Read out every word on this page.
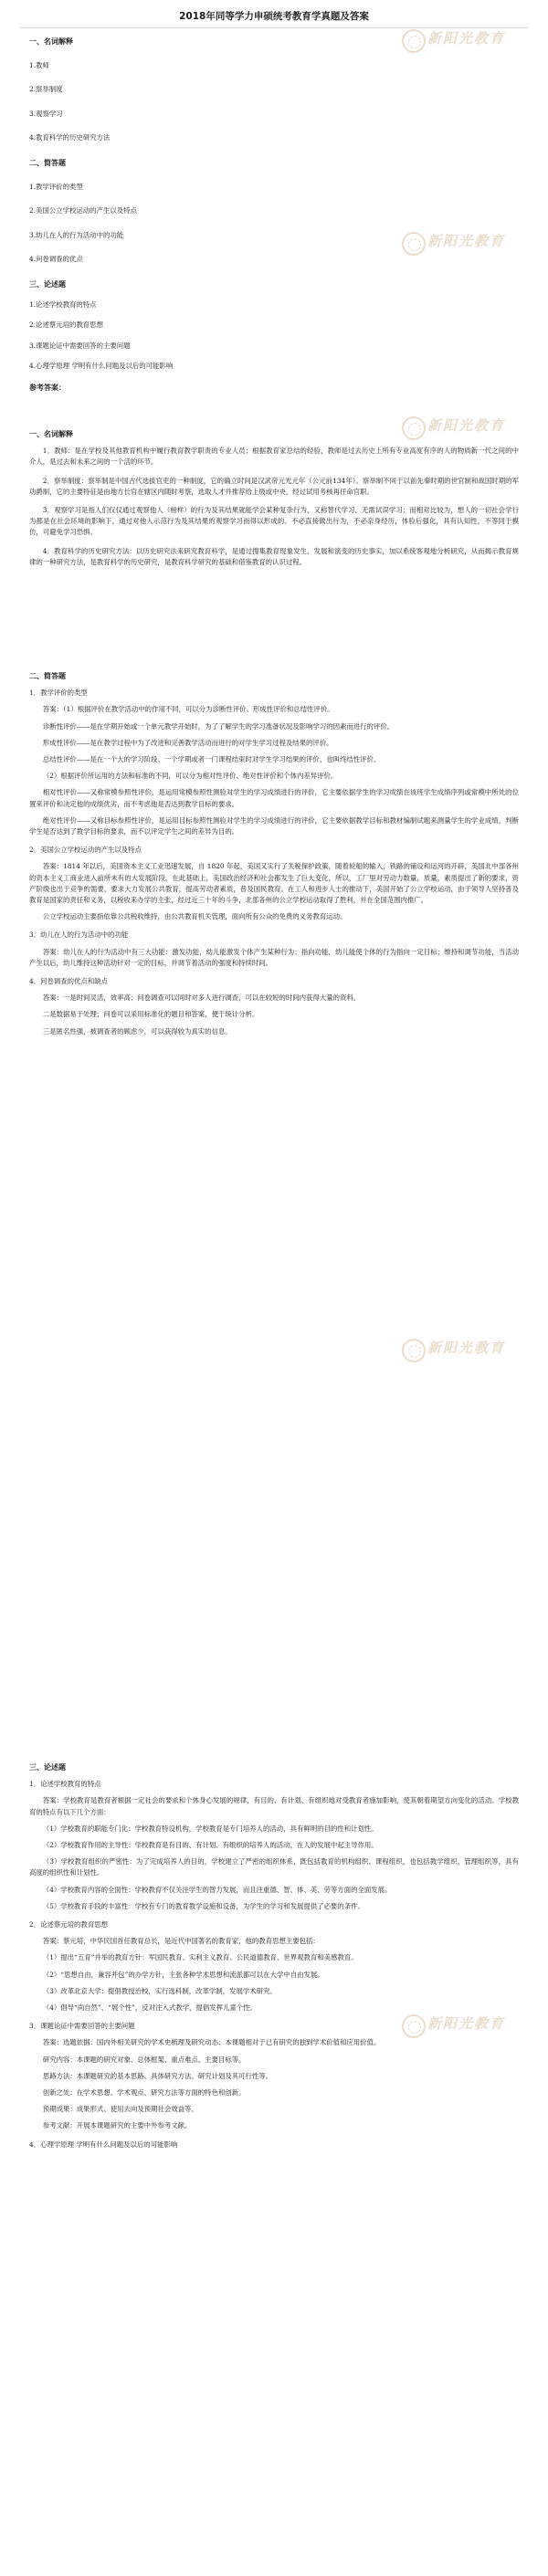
2018年同等学力申硕统考教育学真题及答案
新阳光教育
新阳光教育
新阳光教育
新阳光教育
新阳光教育
一、名词解释
1.教师
2.察举制度
3.观察学习
4.教育科学的历史研究方法
二、简答题
1.教学评价的类型
2.美国公立学校运动的产生以及特点
3.幼儿在人的行为活动中的功能
4.问卷调查的优点
三、论述题
1.论述学校教育的特点
2.论述蔡元培的教育思想
3.课题论证中需要回答的主要问题
4.心理学原理 学明有什么问题及以后的可能影响
参考答案：
一、名词解释
1．教师：是在学校及其他教育机构中履行教育教学职责的专业人员；根据教育家总结的经验，教师是过去历史上所有专业高度有序的人的物质新一代之间的中介人，是过去和未来之间的一个活的环节。
2．察举制度：察举制是中国古代选拔官吏的一种制度，它的确立时间是汉武帝元光元年（公元前134年）。察举制不同于以前先秦时期的世官制和战国时期的军功爵制，它的主要特征是由地方长官在辖区内随时考察，选取人才并推荐给上级或中央，经过试用考核再任命官职。
3．观察学习是指人们仅仅通过观察他人（榜样）的行为及其结果就能学会某种复杂行为，又称替代学习、无需试误学习；而相对比较为，想人的一切社会学行为都是在社会环境的影响下，通过对他人示范行为及其结果的观察学习而得以形成的。不必直接做出行为，不必亲身经历，体验后强化，具有认知性，不等同于模仿，可避免学习恐惧。
4．教育科学的历史研究方法：以历史研究法来研究教育科学，是通过搜集教育现象发生、发展和演变的历史事实，加以系统客观地分析研究，从而揭示教育规律的一种研究方法，是教育科学的历史研究，是教育科学研究的基础和借鉴教育的认识过程。
二、简答题
1．教学评价的类型
答案：（1）根据评价在教学活动中的作用不同，可以分为诊断性评价、形成性评价和总结性评价。
诊断性评价——是在学期开始或一个单元教学开始时，为了了解学生的学习准备状况及影响学习的因素而进行的评价。
形成性评价——是在教学过程中为了改进和完善教学活动而进行的对学生学习过程及结果的评价。
总结性评价——是在一个大的学习阶段、一个学期或者一门课程结束时对学生学习结果的评价，也叫终结性评价。
（2）根据评价所运用的方法和标准的不同，可以分为相对性评价、绝对性评价和个体内差异评价。
相对性评价——又称常模参照性评价，是运用常模参照性测验对学生的学习成绩进行的评价，它主要依据学生的学习成绩在该班学生成绩序列或常模中所处的位置来评价和决定他的成绩优劣，而不考虑他是否达到教学目标的要求。
绝对性评价——又称目标参照性评价，是运用目标参照性测验对学生的学习成绩进行的评价，它主要依据教学目标和教材编制试题来测量学生的学业成绩，判断学生是否达到了教学目标的要求，而不以评定学生之间的差异为目的。
2．美国公立学校运动的产生以及特点
答案：1814 年以后，美国资本主义工业迅速发展，自 1820 年起，美国又实行了关税保护政策，随着轮船的输入，铁路的铺设和运河的开辟，美国北中部各州的资本主义工商业进入前所未有的大发展阶段，在此基础上，美国政治经济和社会都发生了巨大变化，所以，工厂里对劳动力数量，质量，素质提出了新的要求，资产阶级也出于竞争的需要，要求大力发展公共教育，提高劳动者素质，普及国民教育。在工人和进步人士的推动下，美国开始了公立学校运动，由于领导人坚持普及教育是国家的责任和义务，以税收来办学的主张，经过近三十年的斗争，北部各州的公立学校运动取得了胜利，并在全国范围内推广。
公立学校运动主要指依靠公共税收维持，由公共教育机关管理，面向所有公众的免费的义务教育运动。
3．幼儿在人的行为活动中的功能
答案：幼儿在人的行为活动中有三大功能：激发功能，幼儿能激发个体产生某种行为；指向功能，幼儿能使个体的行为指向一定目标；维持和调节功能，当活动产生以后，幼儿维持这种活动针对一定的目标，并调节着活动的强度和持续时间。
4．问卷调查的优点和缺点
答案：一是时间灵活，效率高；问卷调查可以同时对多人进行调查，可以在较短的时间内获得大量的资料。
二是数据易于处理；问卷可以采用标准化的题目和答案，便于统计分析。
三是匿名性强，被调查者的顾虑少，可以获得较为真实的信息。
三、论述题
1．论述学校教育的特点
答案：学校教育是教育者根据一定社会的要求和个体身心发展的规律，有目的、有计划、有组织地对受教育者施加影响，使其朝着期望方向变化的活动。学校教育的特点有以下几个方面：
（1）学校教育的职能专门化：学校教育特设机构，学校教育是专门培养人的活动，具有鲜明的目的性和计划性。
（2）学校教育作用的主导性：学校教育是有目的、有计划、有组织的培养人的活动，在人的发展中起主导作用。
（3）学校教育组织的严密性：为了完成培养人的目的，学校建立了严密的组织体系，既包括教育的机构组织、课程组织，也包括教学组织、管理组织等，具有高度的组织性和计划性。
（4）学校教育内容的全面性：学校教育不仅关注学生的智力发展，而且注重德、智、体、美、劳等方面的全面发展。
（5）学校教育手段的丰富性：学校有专门的教育教学设施和设备，为学生的学习和发展提供了必要的条件。
2．论述蔡元培的教育思想
答案：蔡元培，中华民国首任教育总长，是近代中国著名的教育家，他的教育思想主要包括：
（1）提出“五育”并举的教育方针：军国民教育、实利主义教育、公民道德教育、世界观教育和美感教育。
（2）“思想自由，兼容并包”的办学方针，主张各种学术思想和流派都可以在大学中自由发展。
（3）改革北京大学：提倡教授治校，实行选科制，改革学制，发展学术研究。
（4）倡导“尚自然”、“展个性”，反对注入式教学，提倡发挥儿童个性。
3．课题论证中需要回答的主要问题
答案：选题依据：国内外相关研究的学术史梳理及研究动态；本课题相对于已有研究的独到学术价值和应用价值。
研究内容：本课题的研究对象、总体框架、重点难点、主要目标等。
思路方法：本课题研究的基本思路、具体研究方法、研究计划及其可行性等。
创新之处：在学术思想、学术观点、研究方法等方面的特色和创新。
预期成果：成果形式、使用去向及预期社会效益等。
参考文献：开展本课题研究的主要中外参考文献。
4．心理学原理 学明有什么问题及以后的可能影响
